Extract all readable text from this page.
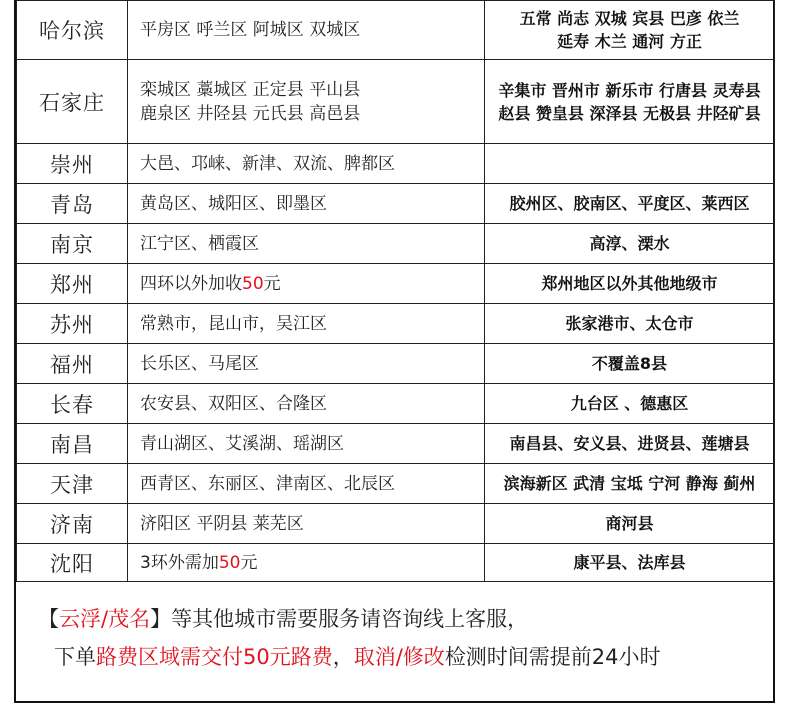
哈尔滨	平房区 呼兰区 阿城区 双城区	五常 尚志 双城 宾县 巴彦 依兰
延寿 木兰 通河 方正

石家庄	栾城区 藁城区 正定县 平山县
鹿泉区 井陉县 元氏县 高邑县	辛集市 晋州市 新乐市 行唐县 灵寿县
赵县 赞皇县 深泽县 无极县 井陉矿县

崇州	大邑、邛崃、新津、双流、脾都区	

青岛	黄岛区、城阳区、即墨区	胶州区、胶南区、平度区、莱西区

南京	江宁区、栖霞区	高淳、溧水

郑州	四环以外加收50元	郑州地区以外其他地级市

苏州	常熟市，昆山市，吴江区	张家港市、太仓市

福州	长乐区、马尾区	不覆盖8县

长春	农安县、双阳区、合隆区	九台区 、德惠区

南昌	青山湖区、艾溪湖、瑶湖区	南昌县、安义县、进贤县、莲塘县

天津	西青区、东丽区、津南区、北辰区	滨海新区 武清 宝坻 宁河 静海 蓟州

济南	济阳区 平阴县 莱芜区	商河县

沈阳	3环外需加50元	康平县、法库县
【云浮/茂名】等其他城市需要服务请咨询线上客服，
下单路费区域需交付50元路费，取消/修改检测时间需提前24小时
